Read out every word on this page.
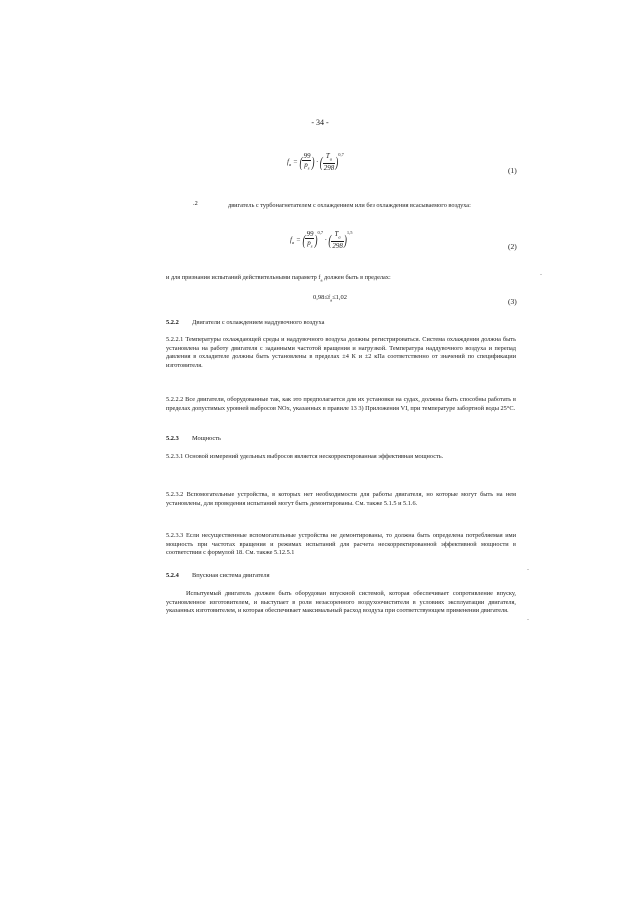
- 34 -
$f_a$ = ( $\frac{99}{p_s}$ ) · ( $\frac{T_a}{298} )^{0,7}$
(1)
.2	двигатель с турбонагнетателем с охлаждением или без охлаждения всасываемого воздуха:
$f_a$ = ( $\frac{99}{p_s} )^{0,7}$ · ( $\frac{T_a}{298} )^{1,5}$
(2)
и для признания испытаний действительными параметр $f_a$ должен быть в пределах:
$0,98\le f_a\le 1,02$	(3)
5.2.2 Двигатели с охлаждением наддувочного воздуха
5.2.2.1 Температуры охлаждающей среды и наддувочного воздуха должны регистрироваться. Система охлаждения должна быть установлена на работу двигателя с заданными частотой вращения и нагрузкой. Температура наддувочного воздуха и перепад давления в охладителе должны быть установлены в пределах ±4 К и ±2 кПа соответственно от значений по спецификации изготовителя.
5.2.2.2 Все двигатели, оборудованные так, как это предполагается для их установки на судах, должны быть способны работать в пределах допустимых уровней выбросов NOx, указанных в правиле 13 3) Приложения VI, при температуре забортной воды 25°С.
5.2.3 Мощность
5.2.3.1 Основой измерений удельных выбросов является нескорректированная эффективная мощность.
5.2.3.2 Вспомогательные устройства, в которых нет необходимости для работы двигателя, но которые могут быть на нем установлены, для проведения испытаний могут быть демонтированы. См. также 5.1.5 и 5.1.6.
5.2.3.3 Если несущественные вспомогательные устройства не демонтированы, то должна быть определена потребляемая ими мощность при частотах вращения и режимах испытаний для расчета нескорректированной эффективной мощности в соответствии с формулой 18. См. также 5.12.5.1
5.2.4 Впускная система двигателя
Испытуемый двигатель должен быть оборудован впускной системой, которая обеспечивает сопротивление впуску, установленное изготовителем, и выступает в роли незасоренного воздухоочистителя в условиях эксплуатации двигателя, указанных изготовителем, и которая обеспечивает максимальный расход воздуха при соответствующем применении двигателя.
-
-
-
